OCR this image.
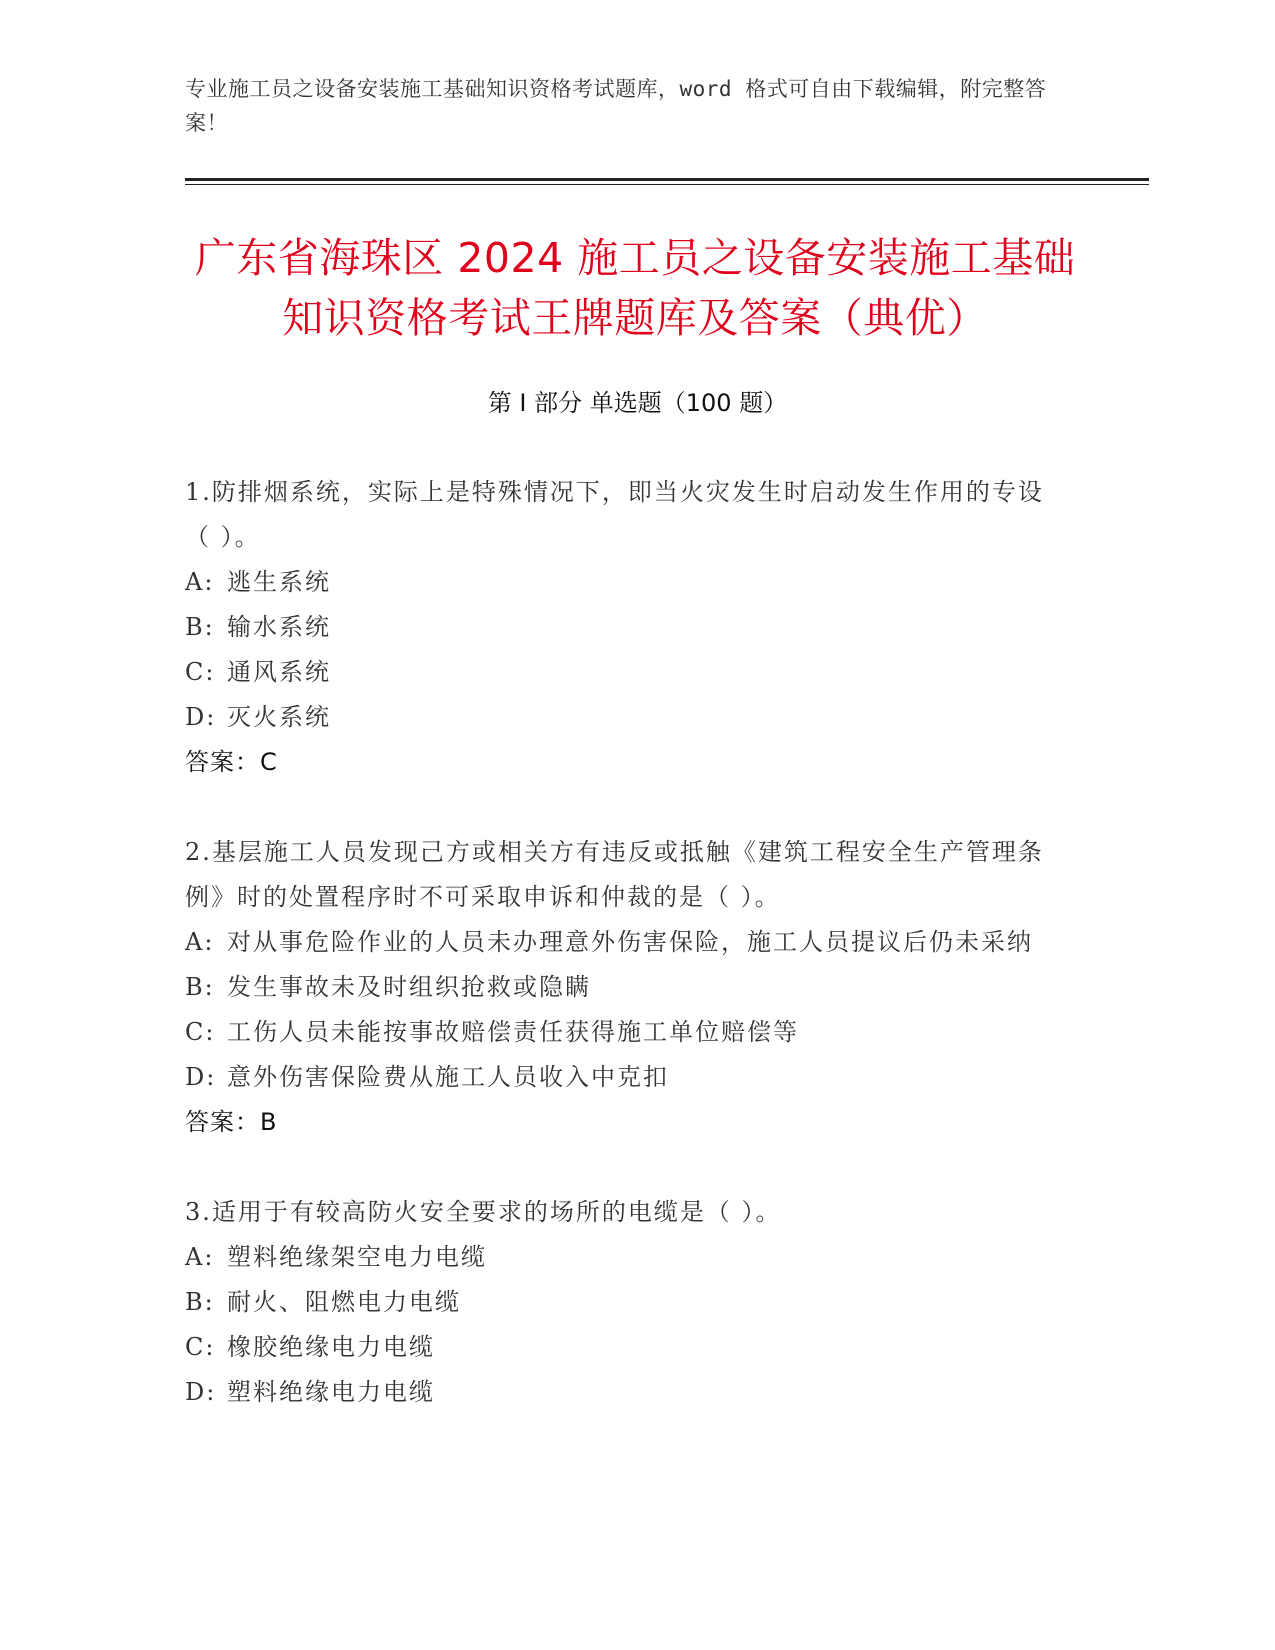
专业施工员之设备安装施工基础知识资格考试题库，word 格式可自由下载编辑，附完整答案！
广东省海珠区 2024 施工员之设备安装施工基础知识资格考试王牌题库及答案（典优）
第 I 部分 单选题（100 题）
1.防排烟系统，实际上是特殊情况下，即当火灾发生时启动发生作用的专设（ ）。
A: 逃生系统
B: 输水系统
C: 通风系统
D: 灭火系统
答案：C
2.基层施工人员发现己方或相关方有违反或抵触《建筑工程安全生产管理条例》时的处置程序时不可采取申诉和仲裁的是（ ）。
A: 对从事危险作业的人员未办理意外伤害保险，施工人员提议后仍未采纳
B: 发生事故未及时组织抢救或隐瞒
C: 工伤人员未能按事故赔偿责任获得施工单位赔偿等
D: 意外伤害保险费从施工人员收入中克扣
答案：B
3.适用于有较高防火安全要求的场所的电缆是（ ）。
A: 塑料绝缘架空电力电缆
B: 耐火、阻燃电力电缆
C: 橡胶绝缘电力电缆
D: 塑料绝缘电力电缆
